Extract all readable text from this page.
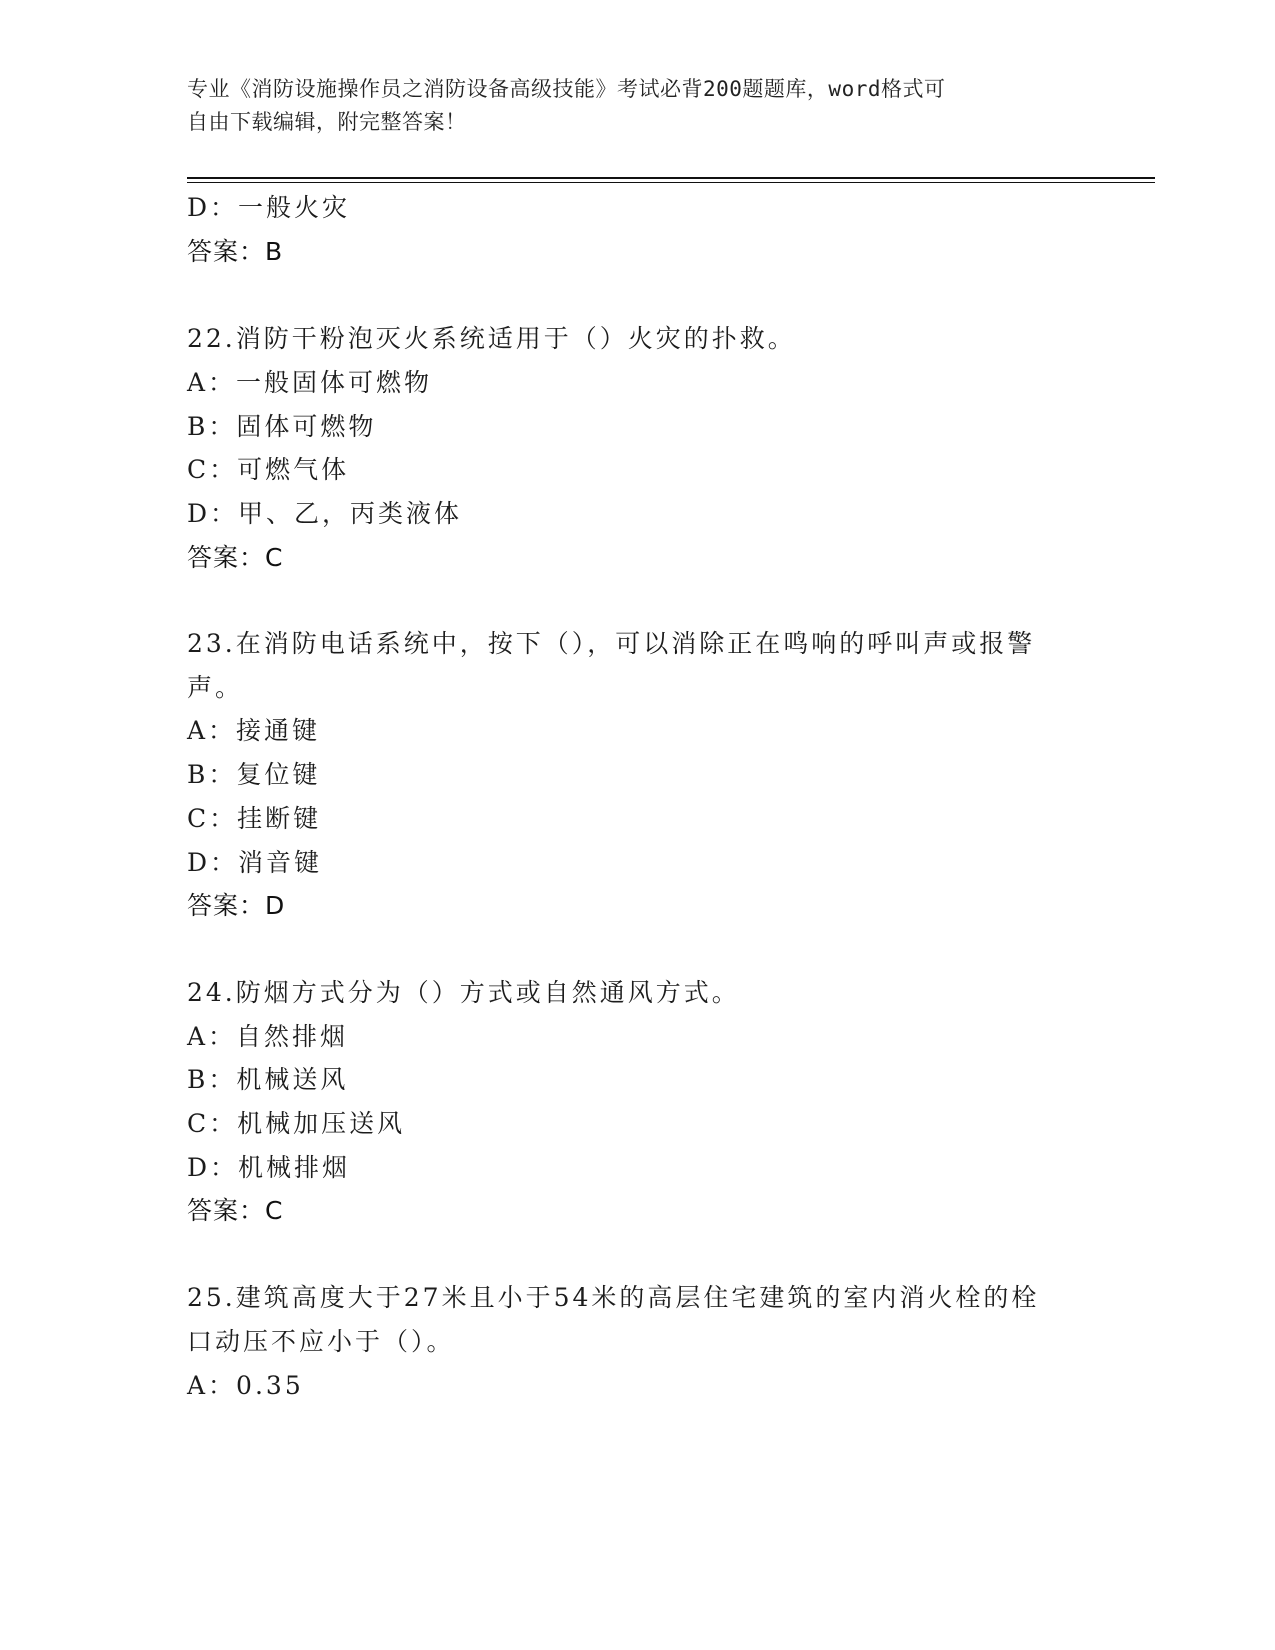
专业《消防设施操作员之消防设备高级技能》考试必背200题题库，word格式可
自由下载编辑，附完整答案！
D：一般火灾
答案：B
22.消防干粉泡灭火系统适用于（）火灾的扑救。
A：一般固体可燃物
B：固体可燃物
C：可燃气体
D：甲、乙，丙类液体
答案：C
23.在消防电话系统中，按下（），可以消除正在鸣响的呼叫声或报警
声。
A：接通键
B：复位键
C：挂断键
D：消音键
答案：D
24.防烟方式分为（）方式或自然通风方式。
A：自然排烟
B：机械送风
C：机械加压送风
D：机械排烟
答案：C
25.建筑高度大于27米且小于54米的高层住宅建筑的室内消火栓的栓
口动压不应小于（）。
A：0.35
